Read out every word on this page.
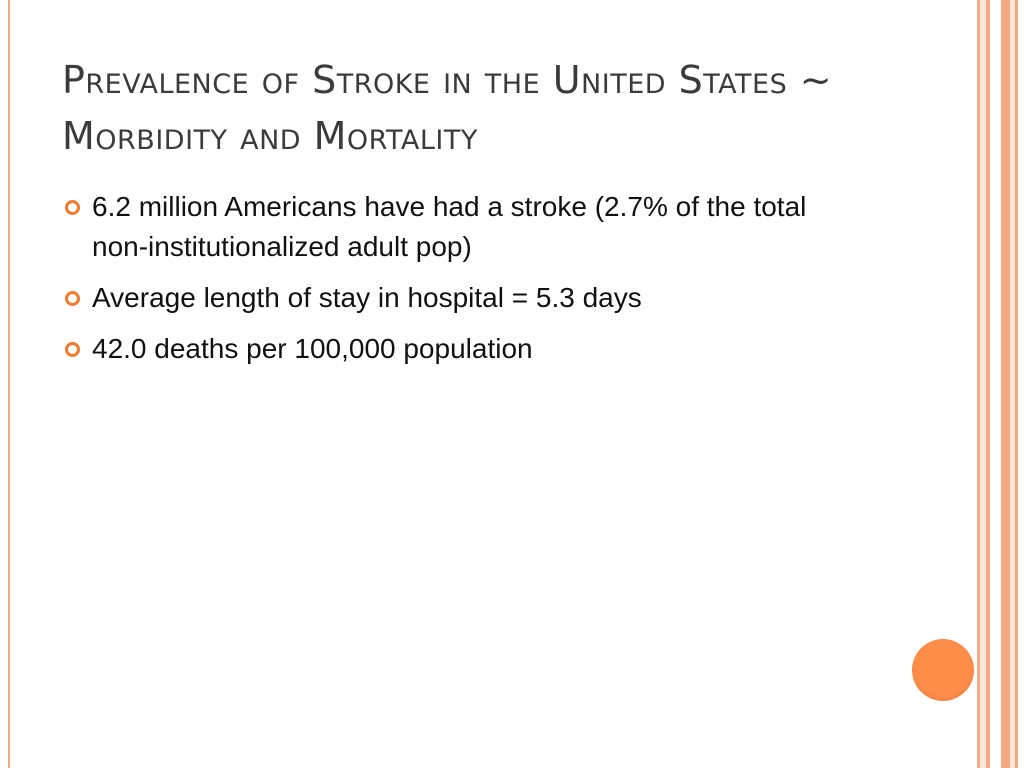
Prevalence of Stroke in the United States ~ Morbidity and Mortality
6.2 million Americans have had a stroke (2.7% of the total non-institutionalized adult pop)
Average length of stay in hospital = 5.3 days
42.0 deaths per 100,000 population
